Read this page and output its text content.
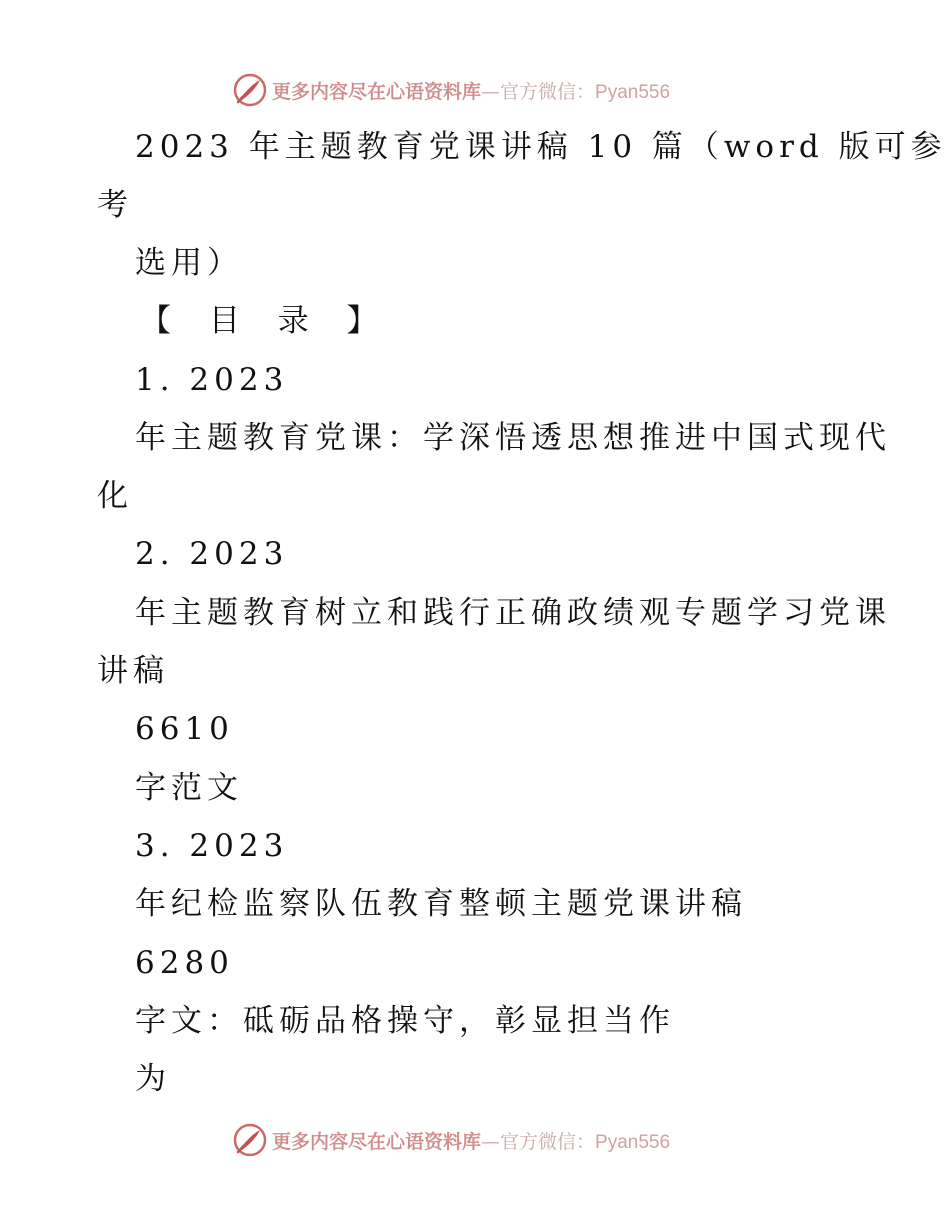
更多内容尽在心语资料库—官方微信：Pyan556
2023 年主题教育党课讲稿 10 篇（word 版可参
考
选用）
【 目 录 】
1. 2023
年主题教育党课：学深悟透思想推进中国式现代
化
2. 2023
年主题教育树立和践行正确政绩观专题学习党课
讲稿
6610
字范文
3. 2023
年纪检监察队伍教育整顿主题党课讲稿
6280
字文：砥砺品格操守，彰显担当作
为
更多内容尽在心语资料库—官方微信：Pyan556
